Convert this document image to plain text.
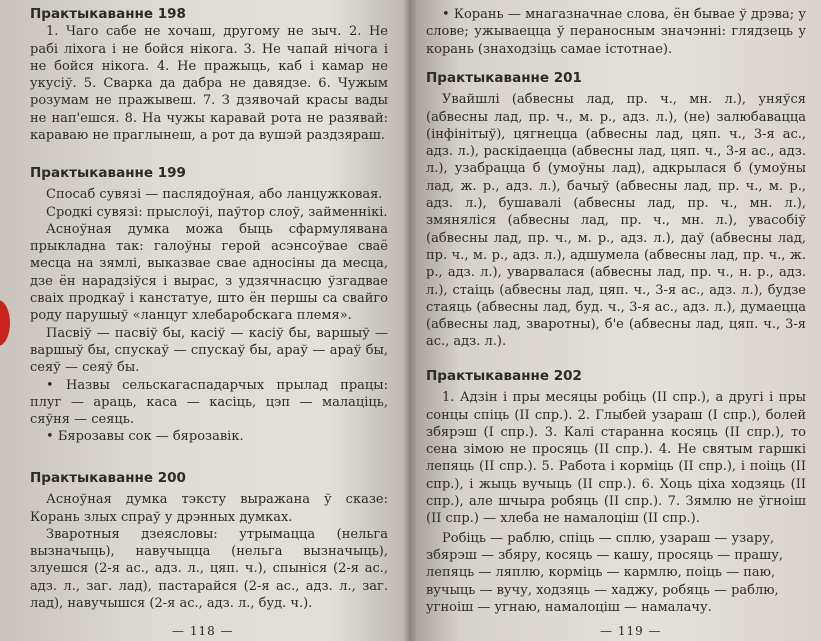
Практыкаванне 198

1. Чаго сабе не хочаш, другому не зыч. 2. Не рабі ліхога і не бойся нікога. 3. Не чапай нічога і не бойся нікога. 4. Не пражыць, каб і камар не укусіў. 5. Сварка да дабра не давядзе. 6. Чужым розумам не пражывеш. 7. З дзявочай красы вады не нап'ешся. 8. На чужы каравай рота не разявай: караваю не праглынеш, а рот да вушэй раздзяраш.

Практыкаванне 199

Спосаб сувязі — паслядоўная, або ланцужковая.

Сродкі сувязі: прыслоўі, паўтор слоў, займеннікі.

Асноўная думка можа быць сфармулявана прыкладна так: галоўны герой асэнсоўвае сваё месца на зямлі, выказвае свае адносіны да месца, дзе ён нарадзіўся і вырас, з удзячнасцю ўзгадвае свaіх продкаў і канстатуе, што ён першы са свайго роду парушыў «ланцуг хлебаробскага племя».

Пасвіў — пасвіў бы, касіў — касіў бы, варшыў — варшыў бы, спускаў — спускаў бы, араў — араў бы, сеяў — сеяў бы.

• Назвы сельскагаспадарчых прылад працы: плуг — араць, каса — касіць, цэп — малаціць, сяўня — сеяць.

• Бярозавы сок — бярозавік.

Практыкаванне 200

Асноўная думка тэксту выражана ў сказе: Корань злых спраў у дрэнных думках.

Зваротныя дзеясловы: утрымацца (нельга вызначыць), навучыцца (нельга вызначыць), злуешся (2-я ас., адз. л., цяп. ч.), спыніся (2-я ас., адз. л., заг. лад), пастарайся (2-я ас., адз. л., заг. лад), навучышся (2-я ас., адз. л., буд. ч.).

— 118 —

• Корань — мнагазначнае слова, ён бывае ў дрэва; у слове; ужываецца ў пераносным значэнні: глядзець у корань (знаходзіць самае істотнае).

Практыкаванне 201

Увайшлі (абвесны лад, пр. ч., мн. л.), уняўся (абвесны лад, пр. ч., м. р., адз. л.), (не) залюбавацца (інфінітыў), цягнецца (абвесны лад, цяп. ч., 3-я ас., адз. л.), раскідаецца (абвесны лад, цяп. ч., 3-я ас., адз. л.), узабрацца б (умоўны лад), адкрылася б (умоўны лад, ж. р., адз. л.), бачыў (абвесны лад, пр. ч., м. р., адз. л.), бушавалі (абвесны лад, пр. ч., мн. л.), змяняліся (абвесны лад, пр. ч., мн. л.), увасобіў (абвесны лад, пр. ч., м. р., адз. л.), даў (абвесны лад, пр. ч., м. р., адз. л.), адшумела (абвесны лад, пр. ч., ж. р., адз. л.), уварвалася (абвесны лад, пр. ч., н. р., адз. л.), стаіць (абвесны лад, цяп. ч., 3-я ас., адз. л.), будзе стаяць (абвесны лад, буд. ч., 3-я ас., адз. л.), думаецца (абвесны лад, зваротны), б'е (абвесны лад, цяп. ч., 3-я ас., адз. л.).

Практыкаванне 202

1. Адзін і пры месяцы робіць (II спр.), а другі і пры сонцы спіць (II спр.). 2. Глыбей узараш (I спр.), болей збярэш (I спр.). 3. Калі старанна косяць (II спр.), то сена зімою не просяць (II спр.). 4. Не святым гаршкі лепяць (II спр.). 5. Работа і корміць (II спр.), і поіць (II спр.), і жыць вучыць (II спр.). 6. Хоць ціха ходзяць (II спр.), але шчыра робяць (II спр.). 7. Зямлю не ўгноіш (II спр.) — хлеба не намалоціш (II спр.).

Робіць — раблю, спіць — сплю, узараш — узару,

збярэш — збяру, косяць — кашу, просяць — прашу,

лепяць — ляплю, корміць — кармлю, поіць — паю,

вучыць — вучу, ходзяць — хаджу, робяць — раблю,

угноіш — угнаю, намалоціш — намалачу.

— 119 —
